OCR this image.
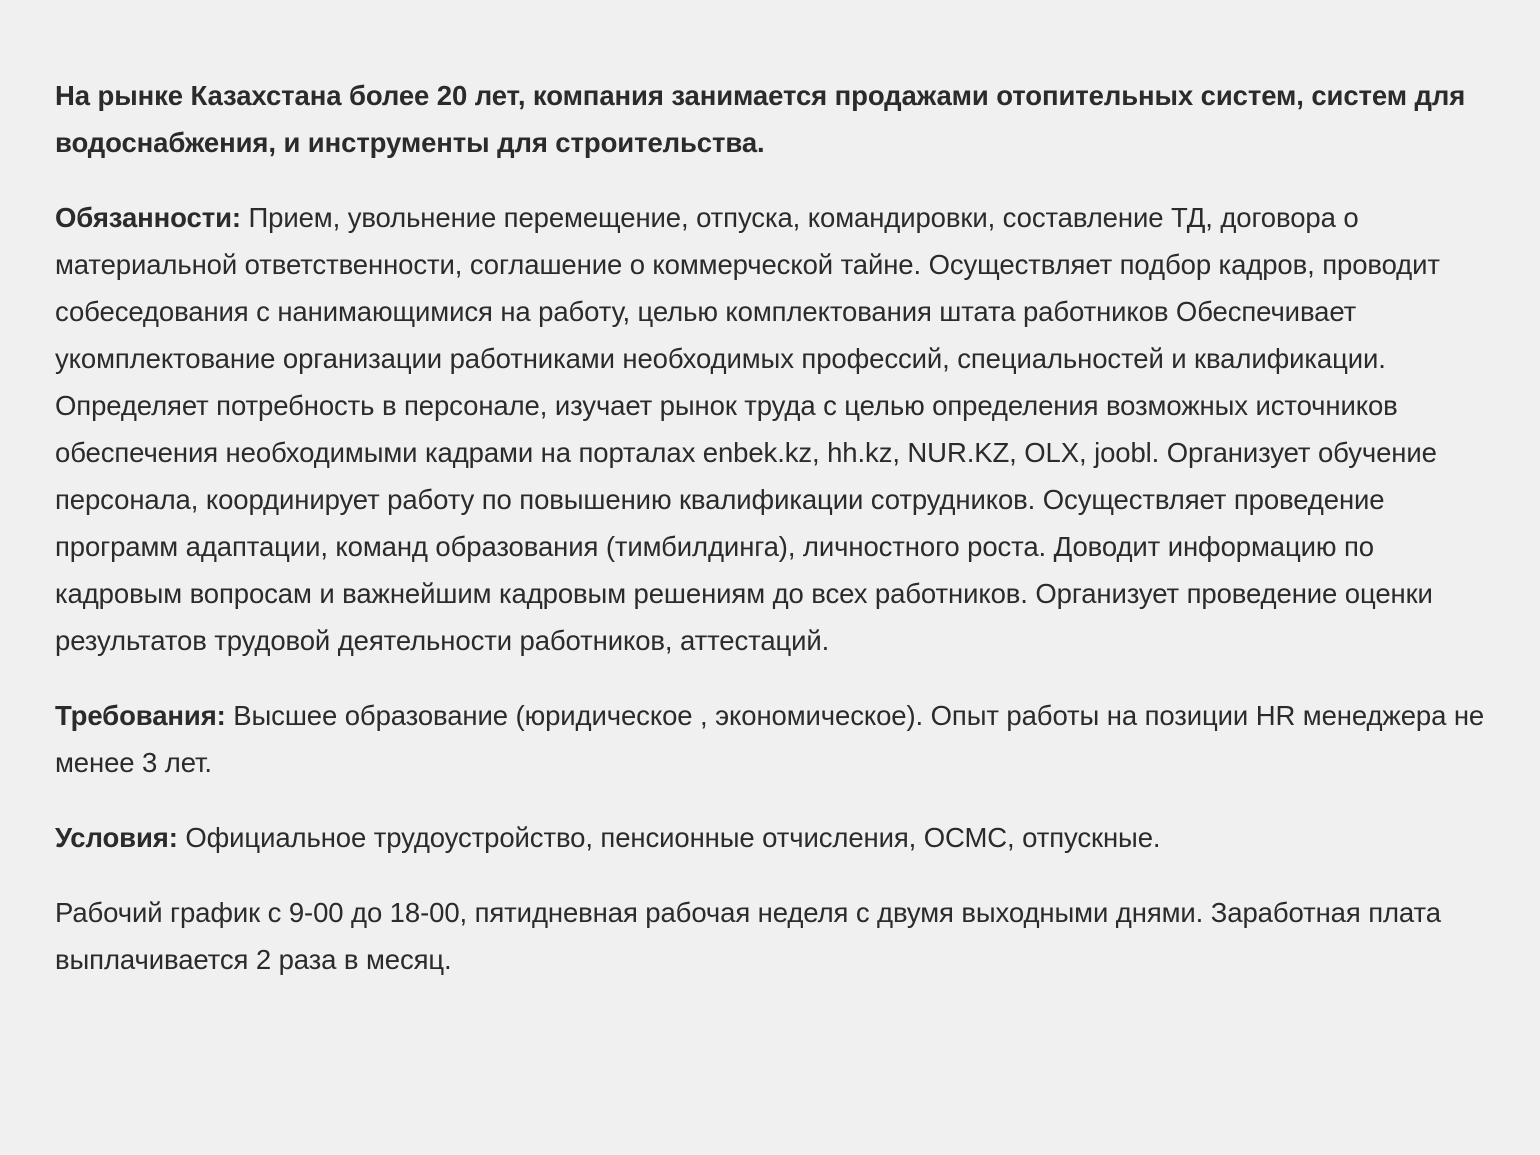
На рынке Казахстана более 20 лет, компания занимается продажами отопительных систем, систем для водоснабжения, и инструменты для строительства.

Обязанности: Прием, увольнение перемещение, отпуска, командировки, составление ТД, договора о материальной ответственности, соглашение о коммерческой тайне. Осуществляет подбор кадров, проводит собеседования с нанимающимися на работу, целью комплектования штата работников Обеспечивает укомплектование организации работниками необходимых профессий, специальностей и квалификации. Определяет потребность в персонале, изучает рынок труда с целью определения возможных источников обеспечения необходимыми кадрами на порталах enbek.kz, hh.kz, NUR.KZ, OLX, joobl. Организует обучение персонала, координирует работу по повышению квалификации сотрудников. Осуществляет проведение программ адаптации, команд образования (тимбилдинга), личностного роста. Доводит информацию по кадровым вопросам и важнейшим кадровым решениям до всех работников. Организует проведение оценки результатов трудовой деятельности работников, аттестаций.

Требования: Высшее образование (юридическое , экономическое). Опыт работы на позиции HR менеджера не менее 3 лет.

Условия: Официальное трудоустройство, пенсионные отчисления, ОСМС, отпускные.

Рабочий график с 9-00 до 18-00, пятидневная рабочая неделя с двумя выходными днями. Заработная плата выплачивается 2 раза в месяц.
